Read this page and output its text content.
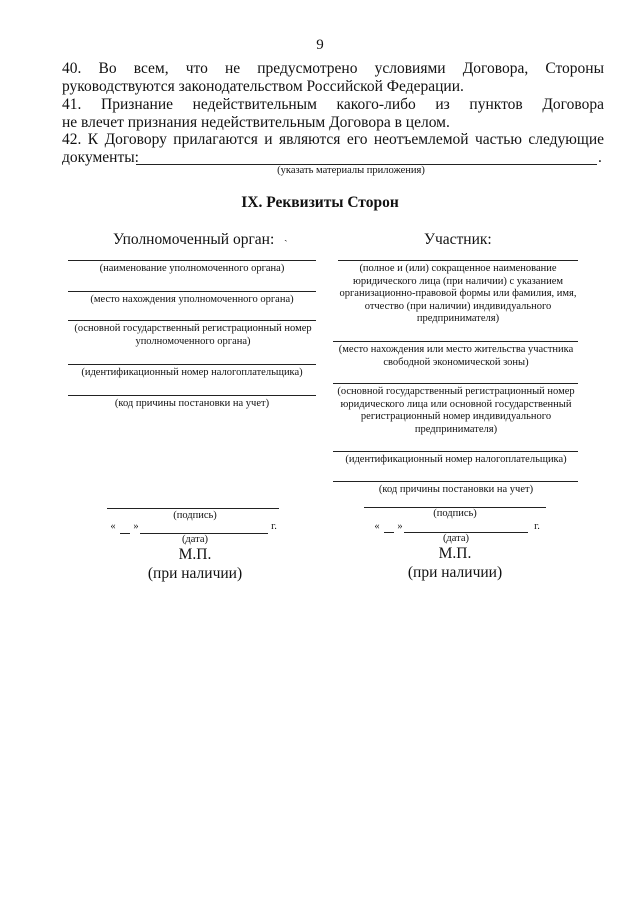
9
40. Во всем, что не предусмотрено условиями Договора, Стороны
руководствуются законодательством Российской Федерации.
41. Признание недействительным какого-либо из пунктов Договора
не влечет признания недействительным Договора в целом.
42. К Договору прилагаются и являются его неотъемлемой частью следующие
документы:	.
(указать материалы приложения)
IX. Реквизиты Сторон
Уполномоченный орган: ˎ	Участник:
(наименование уполномоченного органа)
(место нахождения уполномоченного органа)
(основной государственный регистрационный номер уполномоченного органа)
(идентификационный номер налогоплательщика)
(код причины постановки на учет)
(полное и (или) сокращенное наименование юридического лица (при наличии) с указанием организационно-правовой формы или фамилия, имя, отчество (при наличии) индивидуального предпринимателя)
(место нахождения или место жительства участника свободной экономической зоны)
(основной государственный регистрационный номер юридического лица или основной государственный регистрационный номер индивидуального предпринимателя)
(идентификационный номер налогоплательщика)
(код причины постановки на учет)
(подпись)
« »	г.
(дата)
М.П.
(при наличии)
(подпись)
« »	г.
(дата)
М.П.
(при наличии)
